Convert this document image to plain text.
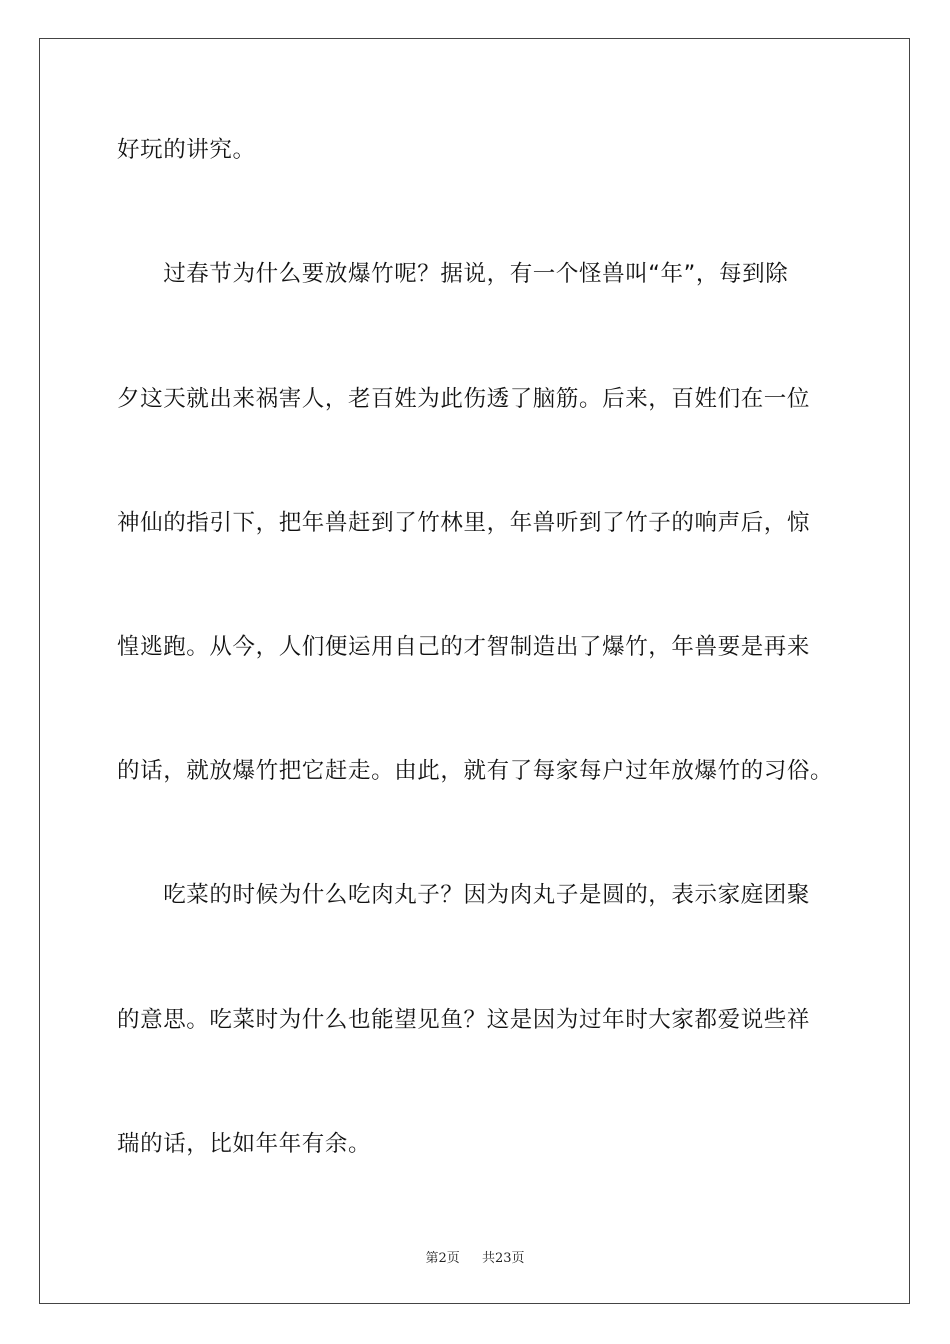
好玩的讲究。
　　过春节为什么要放爆竹呢？据说，有一个怪兽叫“年”，每到除
夕这天就出来祸害人，老百姓为此伤透了脑筋。后来，百姓们在一位
神仙的指引下，把年兽赶到了竹林里，年兽听到了竹子的响声后，惊
惶逃跑。从今，人们便运用自己的才智制造出了爆竹，年兽要是再来
的话，就放爆竹把它赶走。由此，就有了每家每户过年放爆竹的习俗。
　　吃菜的时候为什么吃肉丸子？因为肉丸子是圆的，表示家庭团聚
的意思。吃菜时为什么也能望见鱼？这是因为过年时大家都爱说些祥
瑞的话，比如年年有余。
第2页 共23页
